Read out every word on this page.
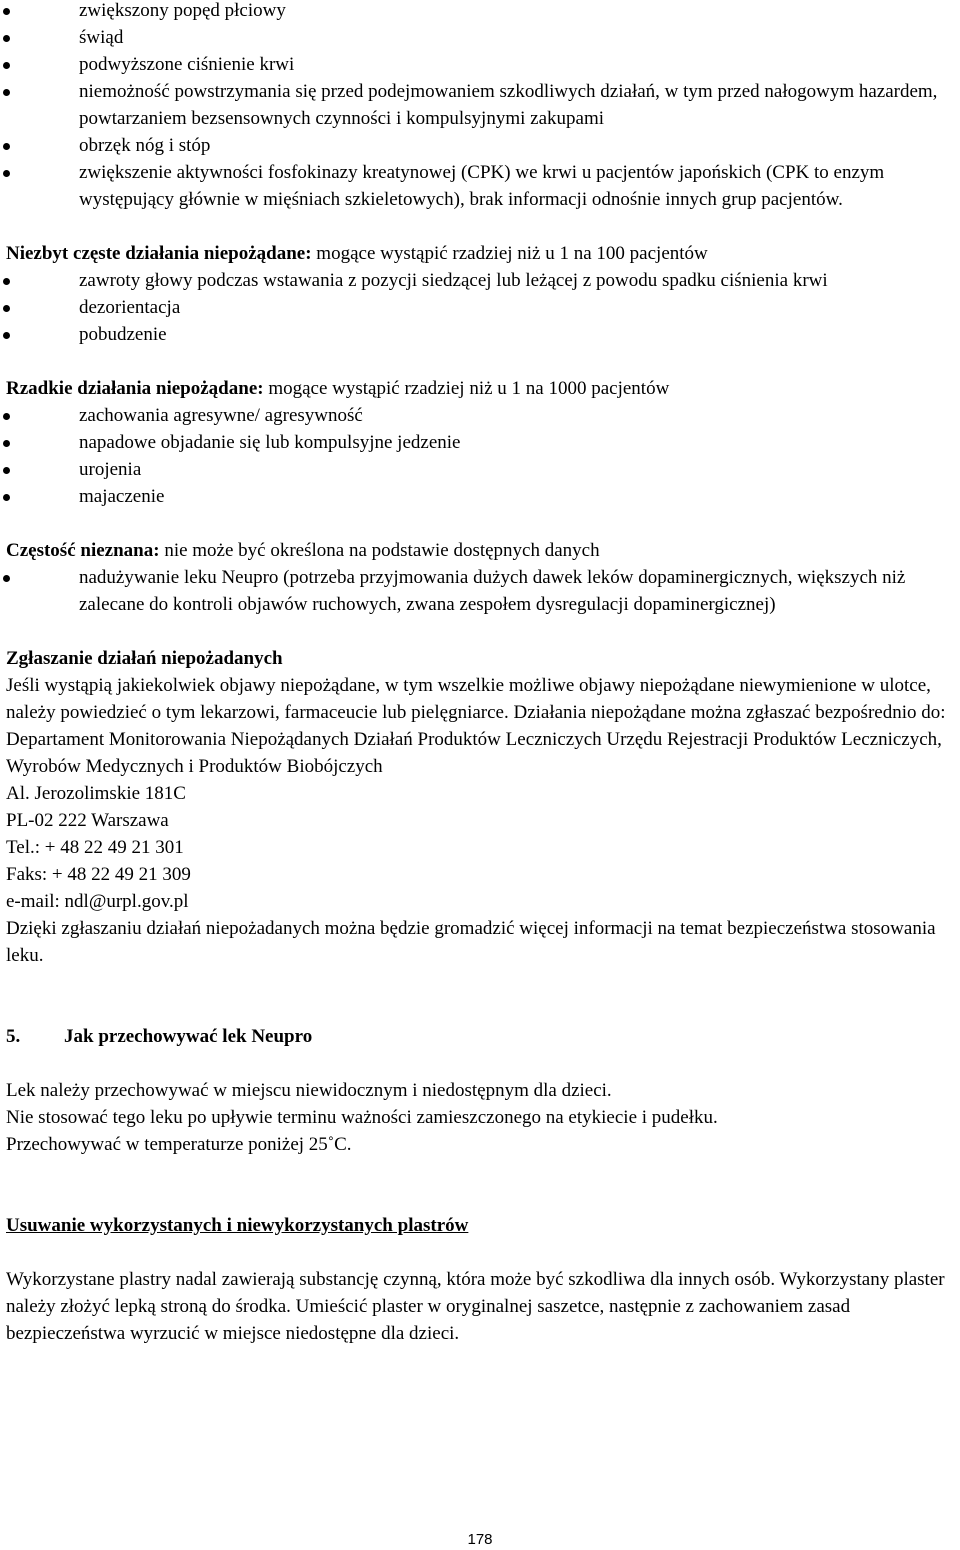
zwiększony popęd płciowy
świąd
podwyższone ciśnienie krwi
niemożność powstrzymania się przed podejmowaniem szkodliwych działań, w tym przed nałogowym hazardem, powtarzaniem bezsensownych czynności i kompulsyjnymi zakupami
obrzęk nóg i stóp
zwiększenie aktywności fosfokinazy kreatynowej (CPK) we krwi u pacjentów japońskich (CPK to enzym występujący głównie w mięśniach szkieletowych), brak informacji odnośnie innych grup pacjentów.

Niezbyt częste działania niepożądane: mogące wystąpić rzadziej niż u 1 na 100 pacjentów

zawroty głowy podczas wstawania z pozycji siedzącej lub leżącej z powodu spadku ciśnienia krwi
dezorientacja
pobudzenie

Rzadkie działania niepożądane: mogące wystąpić rzadziej niż u 1 na 1000 pacjentów

zachowania agresywne/ agresywność
napadowe objadanie się lub kompulsyjne jedzenie
urojenia
majaczenie

Częstość nieznana: nie może być określona na podstawie dostępnych danych

nadużywanie leku Neupro (potrzeba przyjmowania dużych dawek leków dopaminergicznych, większych niż zalecane do kontroli objawów ruchowych, zwana zespołem dysregulacji dopaminergicznej)

Zgłaszanie działań niepożadanych

Jeśli wystąpią jakiekolwiek objawy niepożądane, w tym wszelkie możliwe objawy niepożądane niewymienione w ulotce, należy powiedzieć o tym lekarzowi, farmaceucie lub pielęgniarce. Działania niepożądane można zgłaszać bezpośrednio do:

Departament Monitorowania Niepożądanych Działań Produktów Leczniczych Urzędu Rejestracji Produktów Leczniczych, Wyrobów Medycznych i Produktów Biobójczych

Al. Jerozolimskie 181C

PL-02 222 Warszawa

Tel.: + 48 22 49 21 301

Faks: + 48 22 49 21 309

e-mail: ndl@urpl.gov.pl

Dzięki zgłaszaniu działań niepożadanych można będzie gromadzić więcej informacji na temat bezpieczeństwa stosowania leku.

5. Jak przechowywać lek Neupro

Lek należy przechowywać w miejscu niewidocznym i niedostępnym dla dzieci.

Nie stosować tego leku po upływie terminu ważności zamieszczonego na etykiecie i pudełku.

Przechowywać w temperaturze poniżej 25˚C.

Usuwanie wykorzystanych i niewykorzystanych plastrów

Wykorzystane plastry nadal zawierają substancję czynną, która może być szkodliwa dla innych osób. Wykorzystany plaster należy złożyć lepką stroną do środka. Umieścić plaster w oryginalnej saszetce, następnie z zachowaniem zasad bezpieczeństwa wyrzucić w miejsce niedostępne dla dzieci.

178
